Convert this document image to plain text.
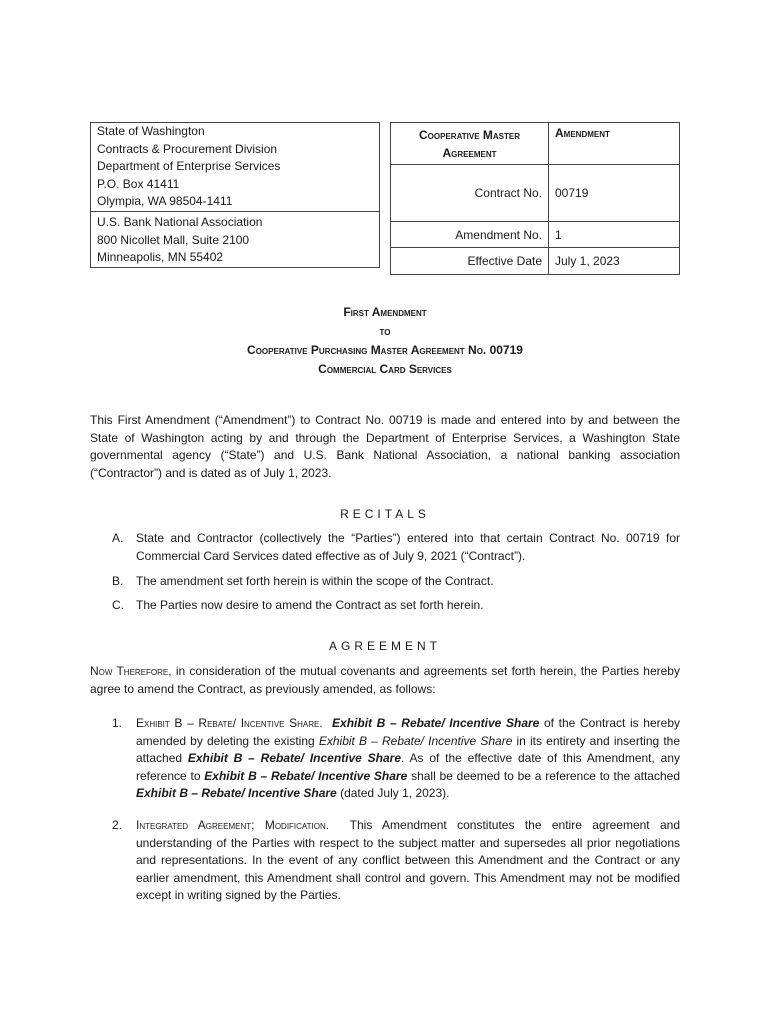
State of Washington
Contracts & Procurement Division
Department of Enterprise Services
P.O. Box 41411
Olympia, WA 98504-1411
U.S. Bank National Association
800 Nicollet Mall, Suite 2100
Minneapolis, MN 55402
Cooperative Master
Agreement	Amendment
Contract No.	00719
Amendment No.	1
Effective Date	July 1, 2023
First Amendment
to
Cooperative Purchasing Master Agreement No. 00719
Commercial Card Services
This First Amendment (“Amendment”) to Contract No. 00719 is made and entered into by and between the State of Washington acting by and through the Department of Enterprise Services, a Washington State governmental agency (“State”) and U.S. Bank National Association, a national banking association (“Contractor”) and is dated as of July 1, 2023.
RECITALS
A.	State and Contractor (collectively the “Parties”) entered into that certain Contract No. 00719 for Commercial Card Services dated effective as of July 9, 2021 (“Contract”).
B.	The amendment set forth herein is within the scope of the Contract.
C.	The Parties now desire to amend the Contract as set forth herein.
AGREEMENT
Now Therefore, in consideration of the mutual covenants and agreements set forth herein, the Parties hereby agree to amend the Contract, as previously amended, as follows:
1. Exhibit B – Rebate/ Incentive Share. Exhibit B – Rebate/ Incentive Share of the Contract is hereby amended by deleting the existing Exhibit B – Rebate/ Incentive Share in its entirety and inserting the attached Exhibit B – Rebate/ Incentive Share. As of the effective date of this Amendment, any reference to Exhibit B – Rebate/ Incentive Share shall be deemed to be a reference to the attached Exhibit B – Rebate/ Incentive Share (dated July 1, 2023).
2. Integrated Agreement; Modification. This Amendment constitutes the entire agreement and understanding of the Parties with respect to the subject matter and supersedes all prior negotiations and representations. In the event of any conflict between this Amendment and the Contract or any earlier amendment, this Amendment shall control and govern. This Amendment may not be modified except in writing signed by the Parties.
